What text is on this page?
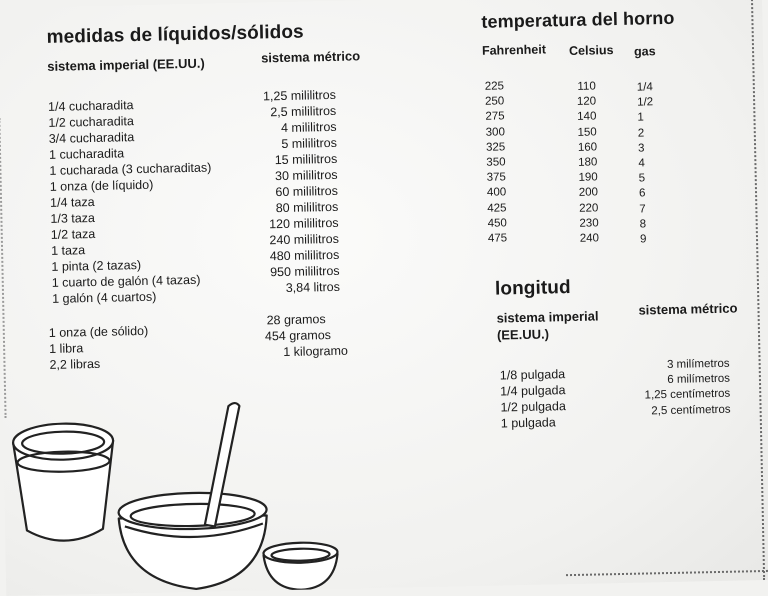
medidas de líquidos/sólidos
sistema imperial (EE.UU.)	sistema métrico
1/4 cucharadita
1/2 cucharadita
3/4 cucharadita
1 cucharadita
1 cucharada (3 cucharaditas)
1 onza (de líquido)
1/4 taza
1/3 taza
1/2 taza
1 taza
1 pinta (2 tazas)
1 cuarto de galón (4 tazas)
1 galón (4 cuartos)
1,25 mililitros
2,5 mililitros
4 mililitros
5 mililitros
15 mililitros
30 mililitros
60 mililitros
80 mililitros
120 mililitros
240 mililitros
480 mililitros
950 mililitros
3,84 litros
1 onza (de sólido)
1 libra
2,2 libras
28 gramos
454 gramos
1 kilogramo
temperatura del horno
Fahrenheit Celsius gas
225
250
275
300
325
350
375
400
425
450
475
110
120
140
150
160
180
190
200
220
230
240
1/4
1/2
1
2
3
4
5
6
7
8
9
longitud
sistema imperial
(EE.UU.)
sistema métrico
1/8 pulgada
1/4 pulgada
1/2 pulgada
1 pulgada
3 milímetros
6 milímetros
1,25 centímetros
2,5 centímetros
